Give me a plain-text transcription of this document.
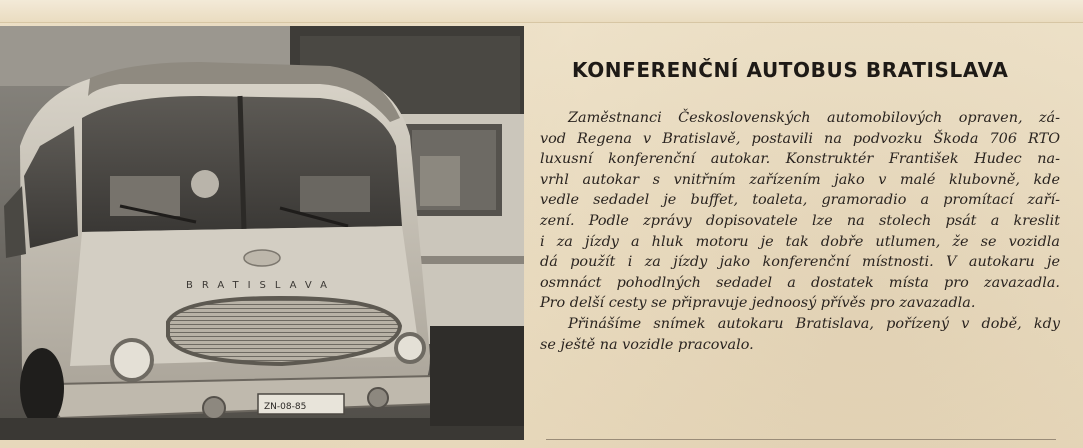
BRATISLAVA
ZN-08-85
KONFERENČNÍ AUTOBUS BRATISLAVA
Zaměstnanci Československých automobilových opraven, zá-
vod Regena v Bratislavě, postavili na podvozku Škoda 706 RTO
luxusní konferenční autokar. Konstruktér František Hudec na-
vrhl autokar s vnitřním zařízením jako v malé klubovně, kde
vedle sedadel je buffet, toaleta, gramoradio a promítací zaří-
zení. Podle zprávy dopisovatele lze na stolech psát a kreslit
i za jízdy a hluk motoru je tak dobře utlumen, že se vozidla
dá použít i za jízdy jako konferenční místnosti. V autokaru je
osmnáct pohodlných sedadel a dostatek místa pro zavazadla.
Pro delší cesty se připravuje jednoosý přívěs pro zavazadla.
Přinášíme snímek autokaru Bratislava, pořízený v době, kdy
se ještě na vozidle pracovalo.
